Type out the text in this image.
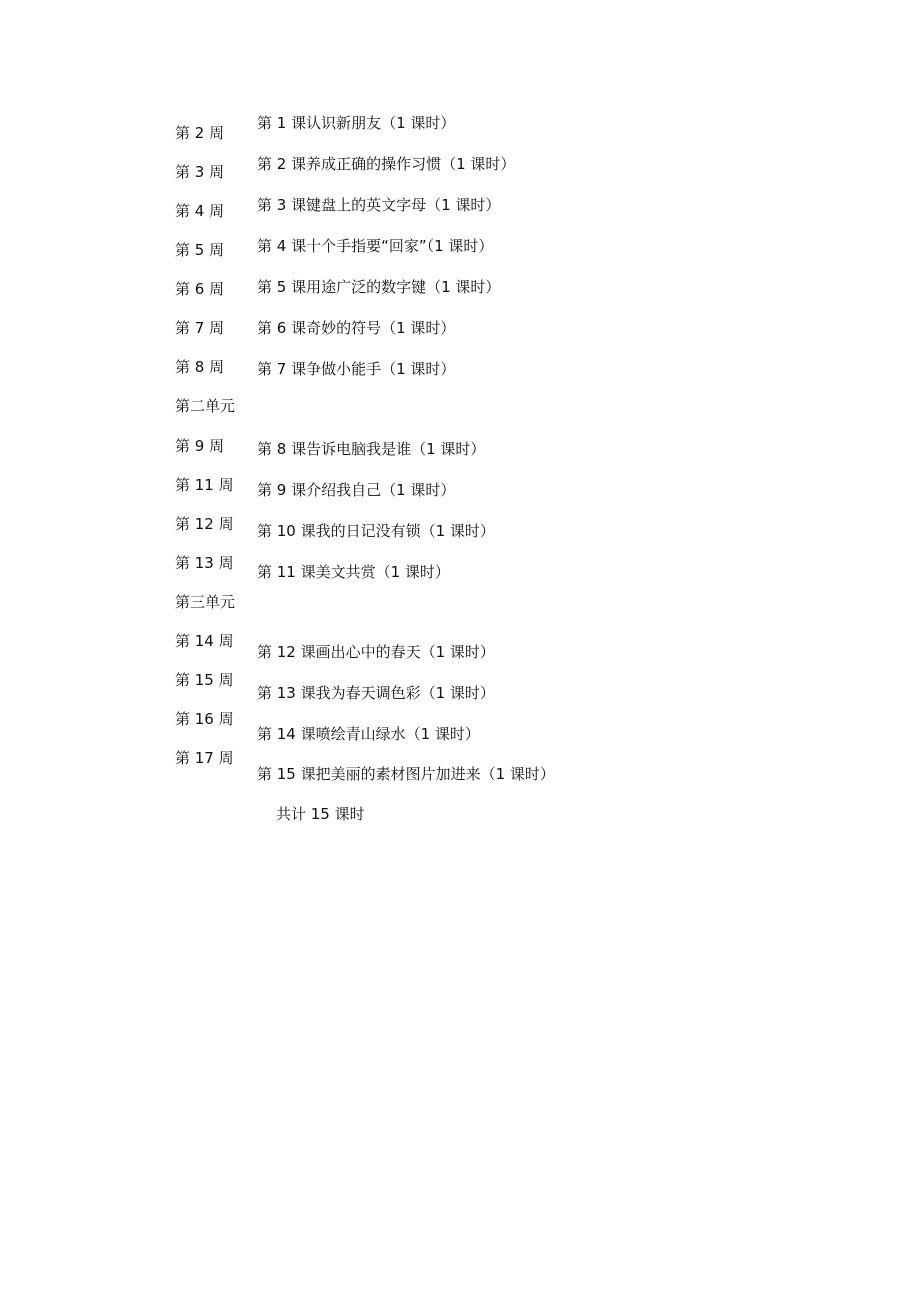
第 2 周
第 3 周
第 4 周
第 5 周
第 6 周
第 7 周
第 8 周
第 1 课认识新朋友（1 课时）
第 2 课养成正确的操作习惯（1 课时）
第 3 课键盘上的英文字母（1 课时）
第 4 课十个手指要“回家”（1 课时）
第 5 课用途广泛的数字键（1 课时）
第 6 课奇妙的符号（1 课时）
第 7 课争做小能手（1 课时）
第二单元
第 9 周
第 11 周
第 12 周
第 13 周
第 8 课告诉电脑我是谁（1 课时）
第 9 课介绍我自己（1 课时）
第 10 课我的日记没有锁（1 课时）
第 11 课美文共赏（1 课时）
第三单元
第 14 周
第 15 周
第 16 周
第 17 周
第 12 课画出心中的春天（1 课时）
第 13 课我为春天调色彩（1 课时）
第 14 课喷绘青山绿水（1 课时）
第 15 课把美丽的素材图片加进来（1 课时）
共计 15 课时
